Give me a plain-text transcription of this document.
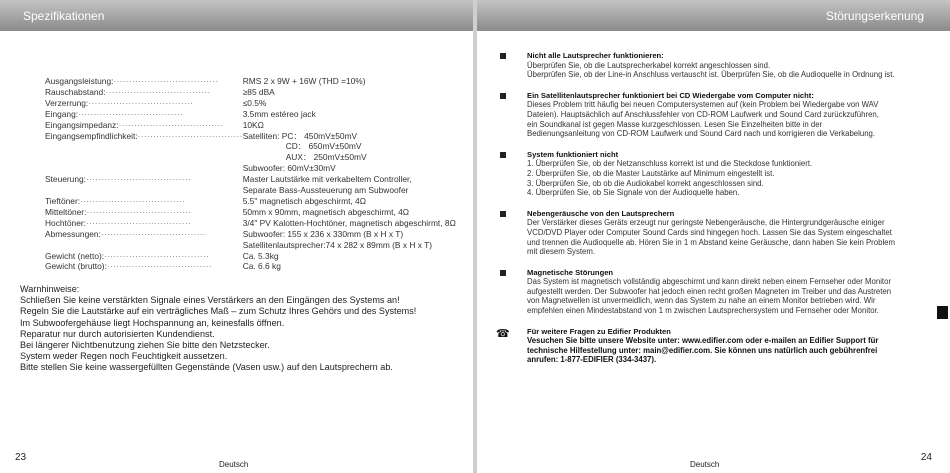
Spezifikationen
Ausgangsleistung:··································	RMS 2 x 9W + 16W (THD =10%)
Rauschabstand:··································	≥85 dBA
Verzerrung:··································	≤0.5%
Eingang:··································	3.5mm estéreo jack
Eingangsimpedanz:··································	10KΩ
Eingangsempfindlichkeit:··································	Satelliten: PC： 450mV±50mV
	CD： 650mV±50mV
	AUX： 250mV±50mV
	Subwoofer: 60mV±30mV
Steuerung:··································	Master Lautstärke mit verkabeltem Controller,
	Separate Bass-Aussteuerung am Subwoofer
Tieftöner:··································	5.5" magnetisch abgeschirmt, 4Ω
Mitteltöner:··································	50mm x 90mm, magnetisch abgeschirmt, 4Ω
Hochtöner:··································	3/4" PV Kalotten-Hochtöner, magnetisch abgeschirmt, 8Ω
Abmessungen:··································	Subwoofer: 155 x 236 x 330mm (B x H x T)
	Satellitenlautsprecher:74 x 282 x 89mm (B x H x T)
Gewicht (netto):··································	Ca. 5.3kg
Gewicht (brutto):··································	Ca. 6.6 kg
Warnhinweise:
Schließen Sie keine verstärkten Signale eines Verstärkers an den Eingängen des Systems an!
Regeln Sie die Lautstärke auf ein verträgliches Maß – zum Schutz Ihres Gehörs und des Systems!
Im Subwoofergehäuse liegt Hochspannung an, keinesfalls öffnen.
Reparatur nur durch autorisierten Kundendienst.
Bei längerer Nichtbenutzung ziehen Sie bitte den Netzstecker.
System weder Regen noch Feuchtigkeit aussetzen.
Bitte stellen Sie keine wassergefüllten Gegenstände (Vasen usw.) auf den Lautsprechern ab.
23
Deutsch
Störungserkenung
Nicht alle Lautsprecher funktionieren:
Überprüfen Sie, ob die Lautsprecherkabel korrekt angeschlossen sind.
Überprüfen Sie, ob der Line-in Anschluss vertauscht ist. Überprüfen Sie, ob die Audioquelle in Ordnung ist.
Ein Satellitenlautsprecher funktioniert bei CD Wiedergabe vom Computer nicht:
Dieses Problem tritt häufig bei neuen Computersystemen auf (kein Problem bei Wiedergabe von WAV
Dateien). Hauptsächlich auf Anschlussfehler von CD-ROM Laufwerk und Sound Card zurückzuführen,
ein Soundkanal ist gegen Masse kurzgeschlossen. Lesen Sie Einzelheiten bitte in der
Bedienungsanleitung von CD-ROM Laufwerk und Sound Card nach und korrigieren die Verkabelung.
System funktioniert nicht
1. Überprüfen Sie, ob der Netzanschluss korrekt ist und die Steckdose funktioniert.
2. Überprüfen Sie, ob die Master Lautstärke auf Minimum eingestellt ist.
3. Überprüfen Sie, ob ob die Audiokabel korrekt angeschlossen sind.
4. Überprüfen Sie, ob Sie Signale von der Audioquelle haben.
Nebengeräusche von den Lautsprechern
Der Verstärker dieses Geräts erzeugt nur geringste Nebengeräusche, die Hintergrundgeräusche einiger
VCD/DVD Player oder Computer Sound Cards sind hingegen hoch. Lassen Sie das System eingeschaltet
und trennen die Audioquelle ab. Hören Sie in 1 m Abstand keine Geräusche, dann haben Sie kein Problem
mit diesem System.
Magnetische Störungen
Das System ist magnetisch vollständig abgeschirmt und kann direkt neben einem Fernseher oder Monitor
aufgestellt werden. Der Subwoofer hat jedoch einen recht großen Magneten im Treiber und das Austreten
von Magnetwellen ist unvermeidlich, wenn das System zu nahe an einem Monitor betrieben wird. Wir
empfehlen einen Mindestabstand von 1 m zwischen Lautsprechersystem und Fernseher oder Monitor.
☎ Für weitere Fragen zu Edifier Produkten
Vesuchen Sie bitte unsere Website unter: www.edifier.com oder e-mailen an Edifier Support für
technische Hilfestellung unter: main@edifier.com. Sie können uns natürlich auch gebührenfrei
anrufen: 1-877-EDIFIER (334-3437).
24
Deutsch
